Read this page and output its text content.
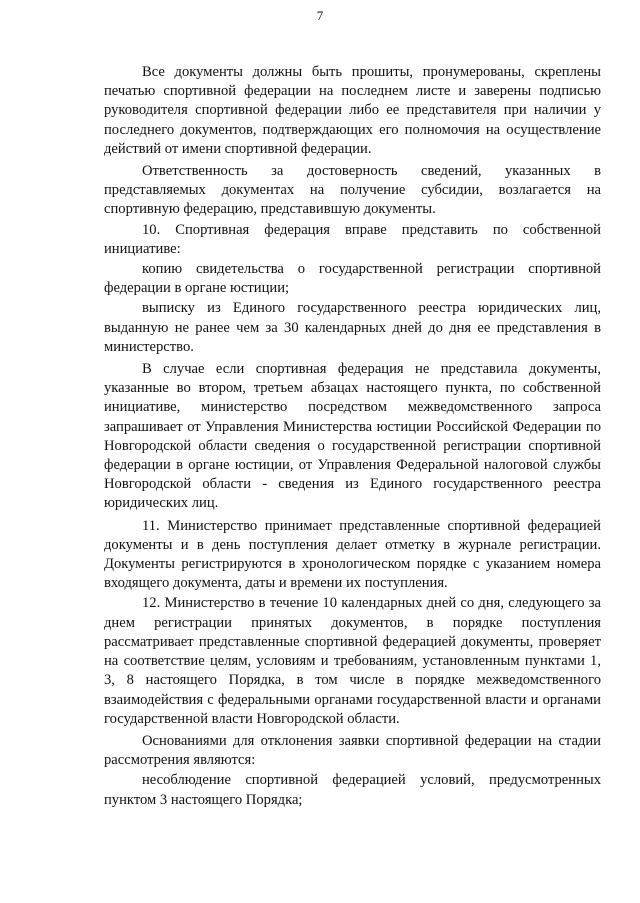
7

Все документы должны быть прошиты, пронумерованы, скреплены печатью спортивной федерации на последнем листе и заверены подписью руководителя спортивной федерации либо ее представителя при наличии у последнего документов, подтверждающих его полномочия на осуществление действий от имени спортивной федерации.

Ответственность за достоверность сведений, указанных в представляемых документах на получение субсидии, возлагается на спортивную федерацию, представившую документы.

10. Спортивная федерация вправе представить по собственной инициативе:

копию свидетельства о государственной регистрации спортивной федерации в органе юстиции;

выписку из Единого государственного реестра юридических лиц, выданную не ранее чем за 30 календарных дней до дня ее представления в министерство.

В случае если спортивная федерация не представила документы, указанные во втором, третьем абзацах настоящего пункта, по собственной инициативе, министерство посредством межведомственного запроса запрашивает от Управления Министерства юстиции Российской Федерации по Новгородской области сведения о государственной регистрации спортивной федерации в органе юстиции, от Управления Федеральной налоговой службы Новгородской области - сведения из Единого государственного реестра юридических лиц.

11. Министерство принимает представленные спортивной федерацией документы и в день поступления делает отметку в журнале регистрации. Документы регистрируются в хронологическом порядке с указанием номера входящего документа, даты и времени их поступления.

12. Министерство в течение 10 календарных дней со дня, следующего за днем регистрации принятых документов, в порядке поступления рассматривает представленные спортивной федерацией документы, проверяет на соответствие целям, условиям и требованиям, установленным пунктами 1, 3, 8 настоящего Порядка, в том числе в порядке межведомственного взаимодействия с федеральными органами государственной власти и органами государственной власти Новгородской области.

Основаниями для отклонения заявки спортивной федерации на стадии рассмотрения являются:

несоблюдение спортивной федерацией условий, предусмотренных пунктом 3 настоящего Порядка;
